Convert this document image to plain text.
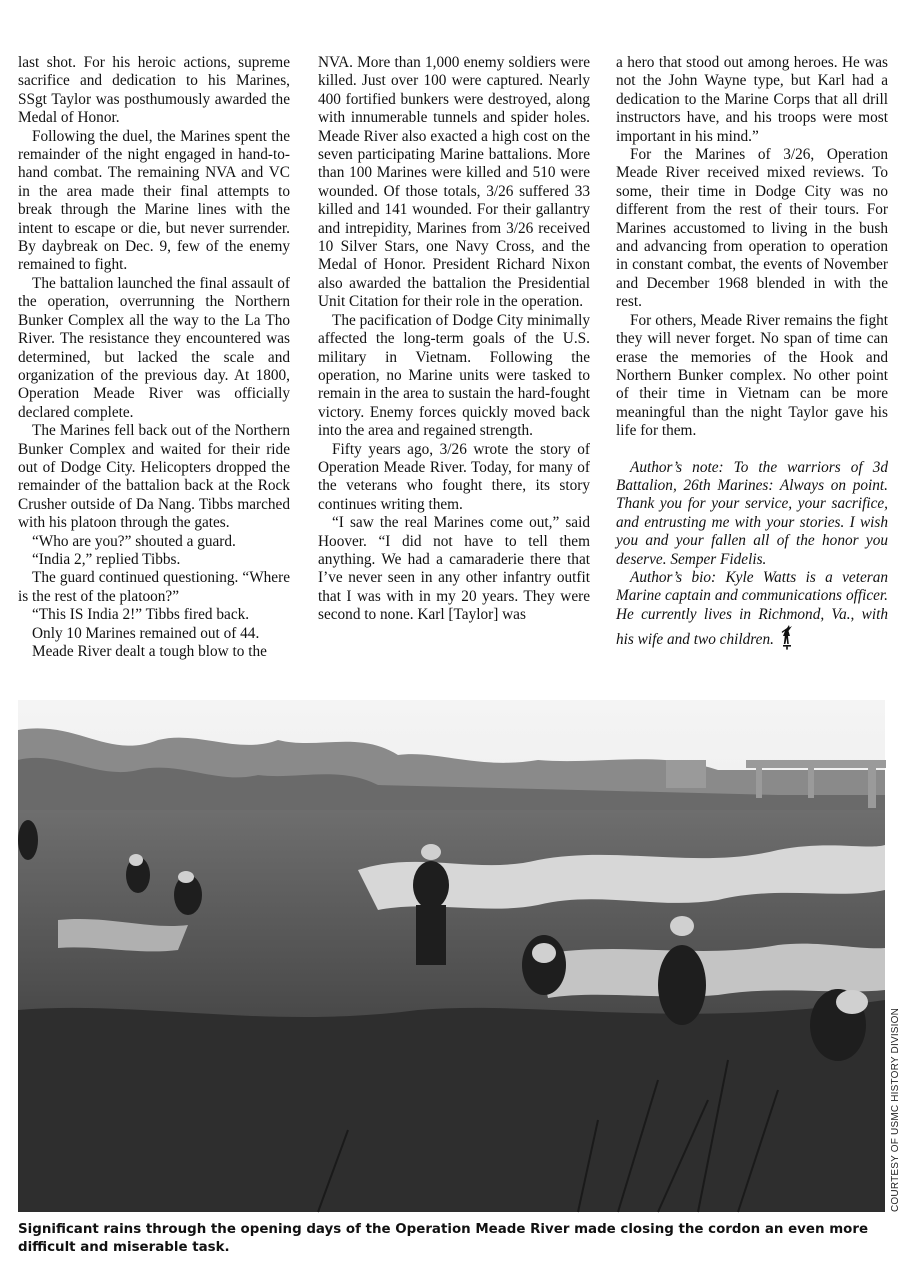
last shot. For his heroic actions, supreme sacrifice and dedication to his Marines, SSgt Taylor was posthumously awarded the Medal of Honor.

Following the duel, the Marines spent the remainder of the night engaged in hand-to-hand combat. The remaining NVA and VC in the area made their final attempts to break through the Marine lines with the intent to escape or die, but never surrender. By daybreak on Dec. 9, few of the enemy remained to fight.

The battalion launched the final assault of the operation, overrunning the Northern Bunker Complex all the way to the La Tho River. The resistance they encountered was determined, but lacked the scale and organization of the previous day. At 1800, Operation Meade River was officially declared complete.

The Marines fell back out of the Northern Bunker Complex and waited for their ride out of Dodge City. Helicopters dropped the remainder of the battalion back at the Rock Crusher outside of Da Nang. Tibbs marched with his platoon through the gates.

“Who are you?” shouted a guard.

“India 2,” replied Tibbs.

The guard continued questioning. “Where is the rest of the platoon?”

“This IS India 2!” Tibbs fired back.

Only 10 Marines remained out of 44.

Meade River dealt a tough blow to the

NVA. More than 1,000 enemy soldiers were killed. Just over 100 were captured. Nearly 400 fortified bunkers were destroyed, along with innumerable tunnels and spider holes. Meade River also exacted a high cost on the seven participating Marine battalions. More than 100 Marines were killed and 510 were wounded. Of those totals, 3/26 suffered 33 killed and 141 wounded. For their gallantry and intrepidity, Marines from 3/26 received 10 Silver Stars, one Navy Cross, and the Medal of Honor. President Richard Nixon also awarded the battalion the Presidential Unit Citation for their role in the operation.

The pacification of Dodge City minimally affected the long-term goals of the U.S. military in Vietnam. Following the operation, no Marine units were tasked to remain in the area to sustain the hard-fought victory. Enemy forces quickly moved back into the area and regained strength.

Fifty years ago, 3/26 wrote the story of Operation Meade River. Today, for many of the veterans who fought there, its story continues writing them.

“I saw the real Marines come out,” said Hoover. “I did not have to tell them anything. We had a camaraderie there that I’ve never seen in any other infantry outfit that I was with in my 20 years. They were second to none. Karl [Taylor] was

a hero that stood out among heroes. He was not the John Wayne type, but Karl had a dedication to the Marine Corps that all drill instructors have, and his troops were most important in his mind.”

For the Marines of 3/26, Operation Meade River received mixed reviews. To some, their time in Dodge City was no different from the rest of their tours. For Marines accustomed to living in the bush and advancing from operation to operation in constant combat, the events of November and December 1968 blended in with the rest.

For others, Meade River remains the fight they will never forget. No span of time can erase the memories of the Hook and Northern Bunker complex. No other point of their time in Vietnam can be more meaningful than the night Taylor gave his life for them.

Author’s note: To the warriors of 3d Battalion, 26th Marines: Always on point. Thank you for your service, your sacrifice, and entrusting me with your stories. I wish you and your fallen all of the honor you deserve. Semper Fidelis.

Author’s bio: Kyle Watts is a veteran Marine captain and communications officer. He currently lives in Richmond, Va., with his wife and two children.

COURTESY OF USMC HISTORY DIVISION
Significant rains through the opening days of the Operation Meade River made closing the cordon an even more difficult and miserable task.
